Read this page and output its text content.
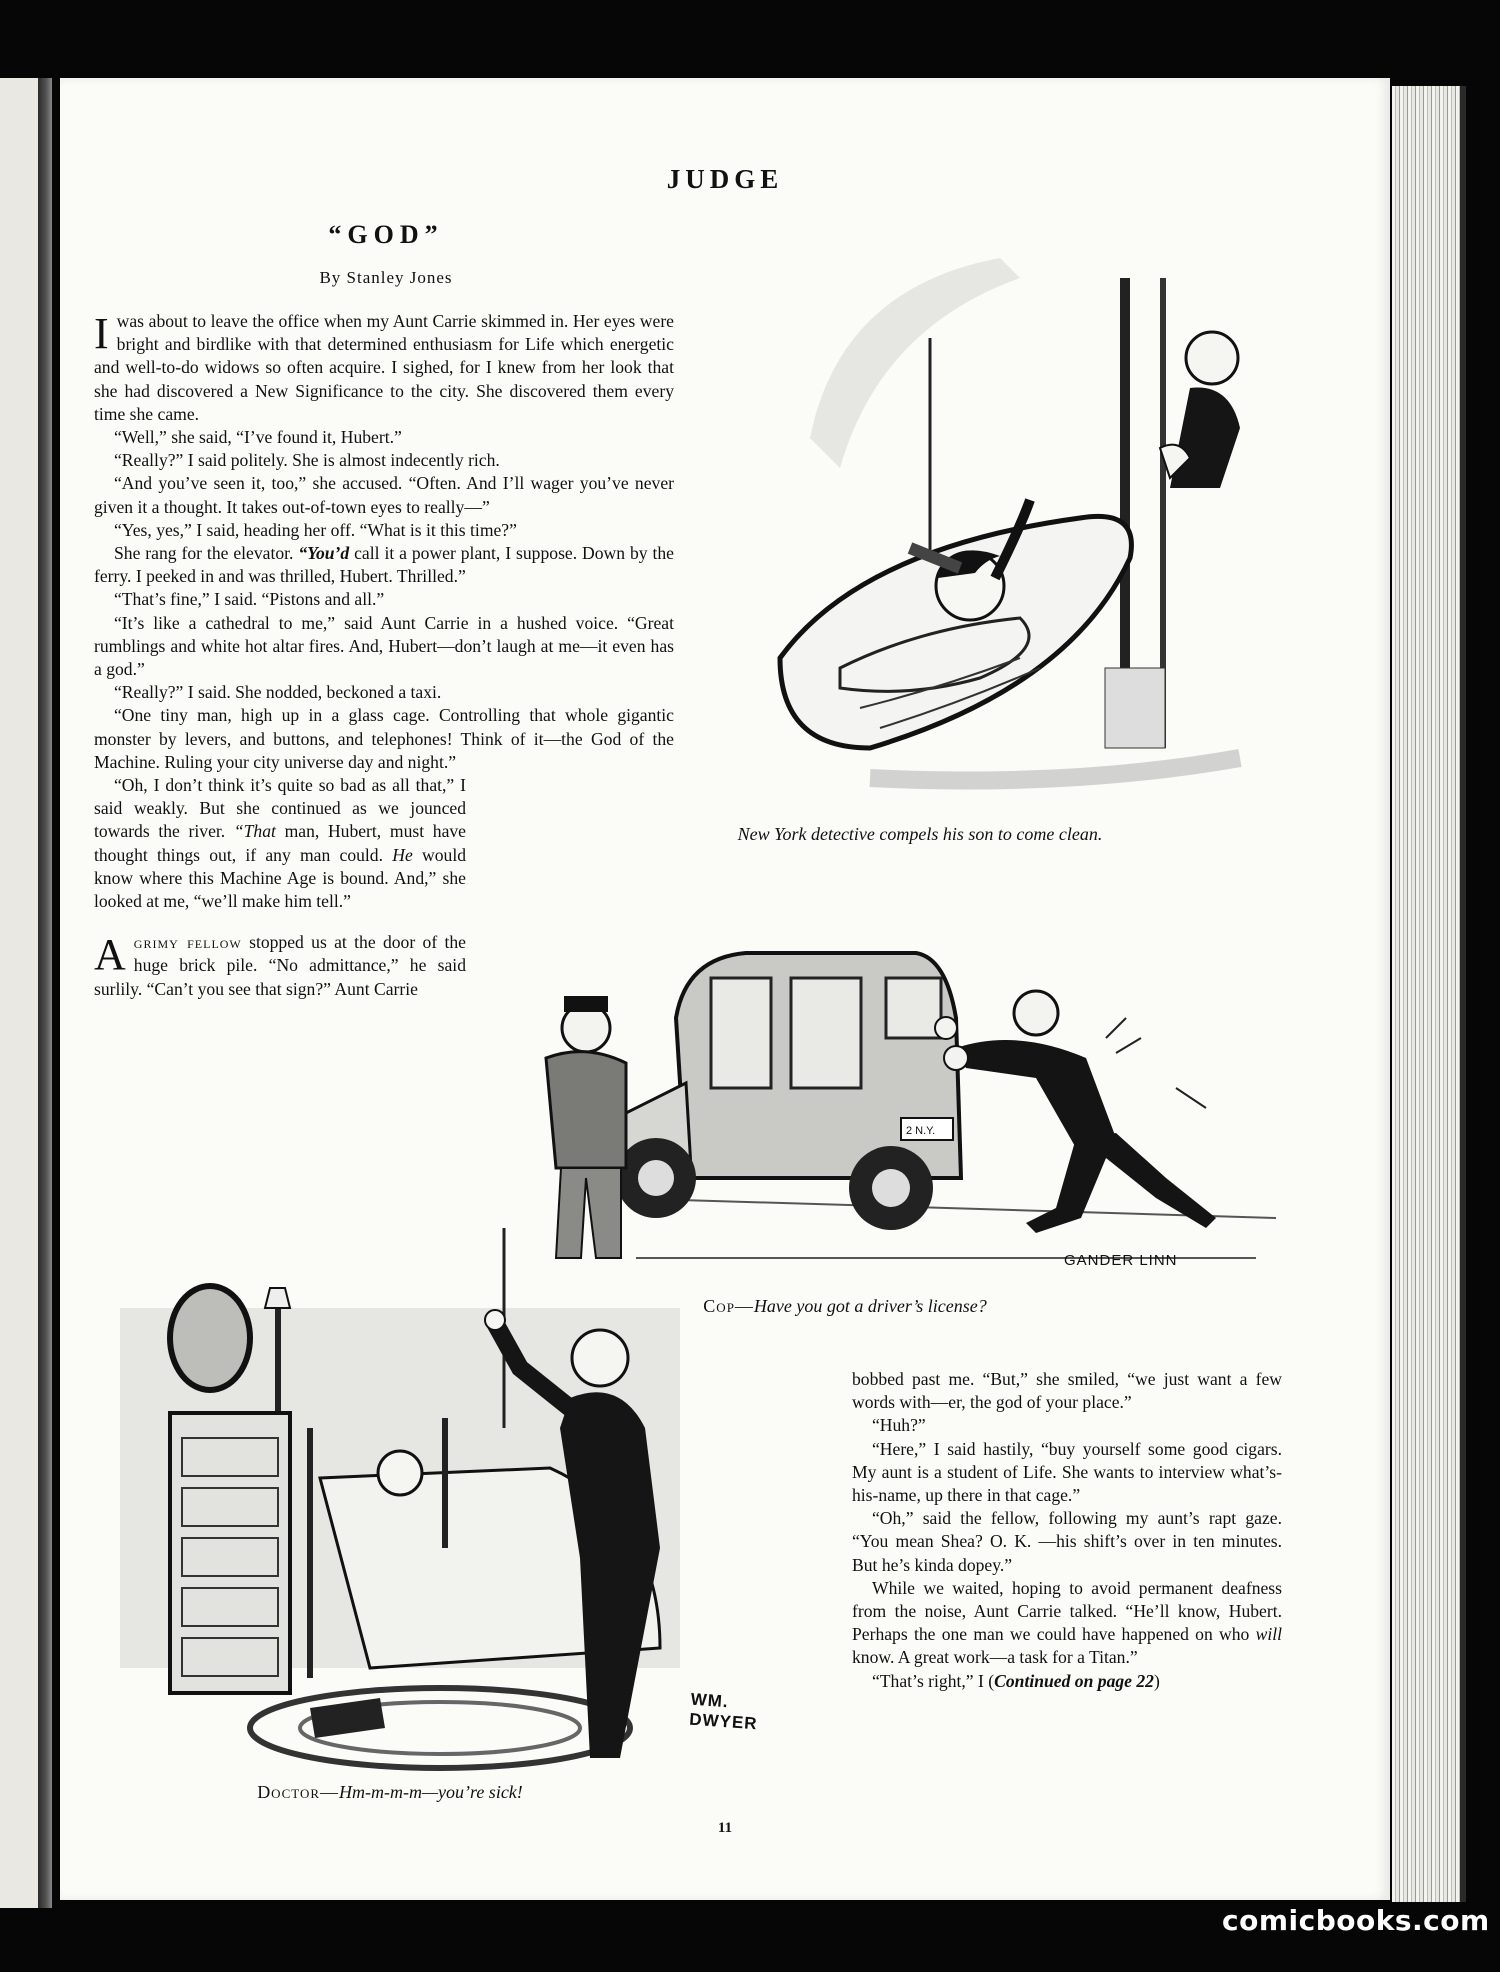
JUDGE
“GOD”
By Stanley Jones

Iwas about to leave the office when my Aunt Carrie skimmed in. Her eyes were bright and birdlike with that determined enthusiasm for Life which energetic and well-to-do widows so often acquire. I sighed, for I knew from her look that she had discovered a New Significance to the city. She discovered them every time she came.

“Well,” she said, “I’ve found it, Hubert.”

“Really?” I said politely. She is almost indecently rich.

“And you’ve seen it, too,” she accused. “Often. And I’ll wager you’ve never given it a thought. It takes out-of-town eyes to really—”

“Yes, yes,” I said, heading her off. “What is it this time?”

She rang for the elevator. “You’d call it a power plant, I suppose. Down by the ferry. I peeked in and was thrilled, Hubert. Thrilled.”

“That’s fine,” I said. “Pistons and all.”

“It’s like a cathedral to me,” said Aunt Carrie in a hushed voice. “Great rumblings and white hot altar fires. And, Hubert—don’t laugh at me—it even has a god.”

“Really?” I said. She nodded, beckoned a taxi.

“One tiny man, high up in a glass cage. Controlling that whole gigantic monster by levers, and buttons, and telephones! Think of it—the God of the Machine. Ruling your city universe day and night.”

“Oh, I don’t think it’s quite so bad as all that,” I said weakly. But she continued as we jounced towards the river. “That man, Hubert, must have thought things out, if any man could. He would know where this Machine Age is bound. And,” she looked at me, “we’ll make him tell.”

Agrimy fellow stopped us at the door of the huge brick pile. “No admittance,” he said surlily. “Can’t you see that sign?” Aunt Carrie

bobbed past me. “But,” she smiled, “we just want a few words with—er, the god of your place.”

“Huh?”

“Here,” I said hastily, “buy yourself some good cigars. My aunt is a student of Life. She wants to interview what’s-his-name, up there in that cage.”

“Oh,” said the fellow, following my aunt’s rapt gaze. “You mean Shea? O. K. —his shift’s over in ten minutes. But he’s kinda dopey.”

While we waited, hoping to avoid permanent deafness from the noise, Aunt Carrie talked. “He’ll know, Hubert. Perhaps the one man we could have happened on who will know. A great work—a task for a Titan.”

“That’s right,” I (Continued on page 22)

New York detective compels his son to come clean.
2 N.Y.
GANDER LINN
Cop—Have you got a driver’s license?
WM.
DWYER
Doctor—Hm-m-m-m—you’re sick!
11
comicbooks.com
